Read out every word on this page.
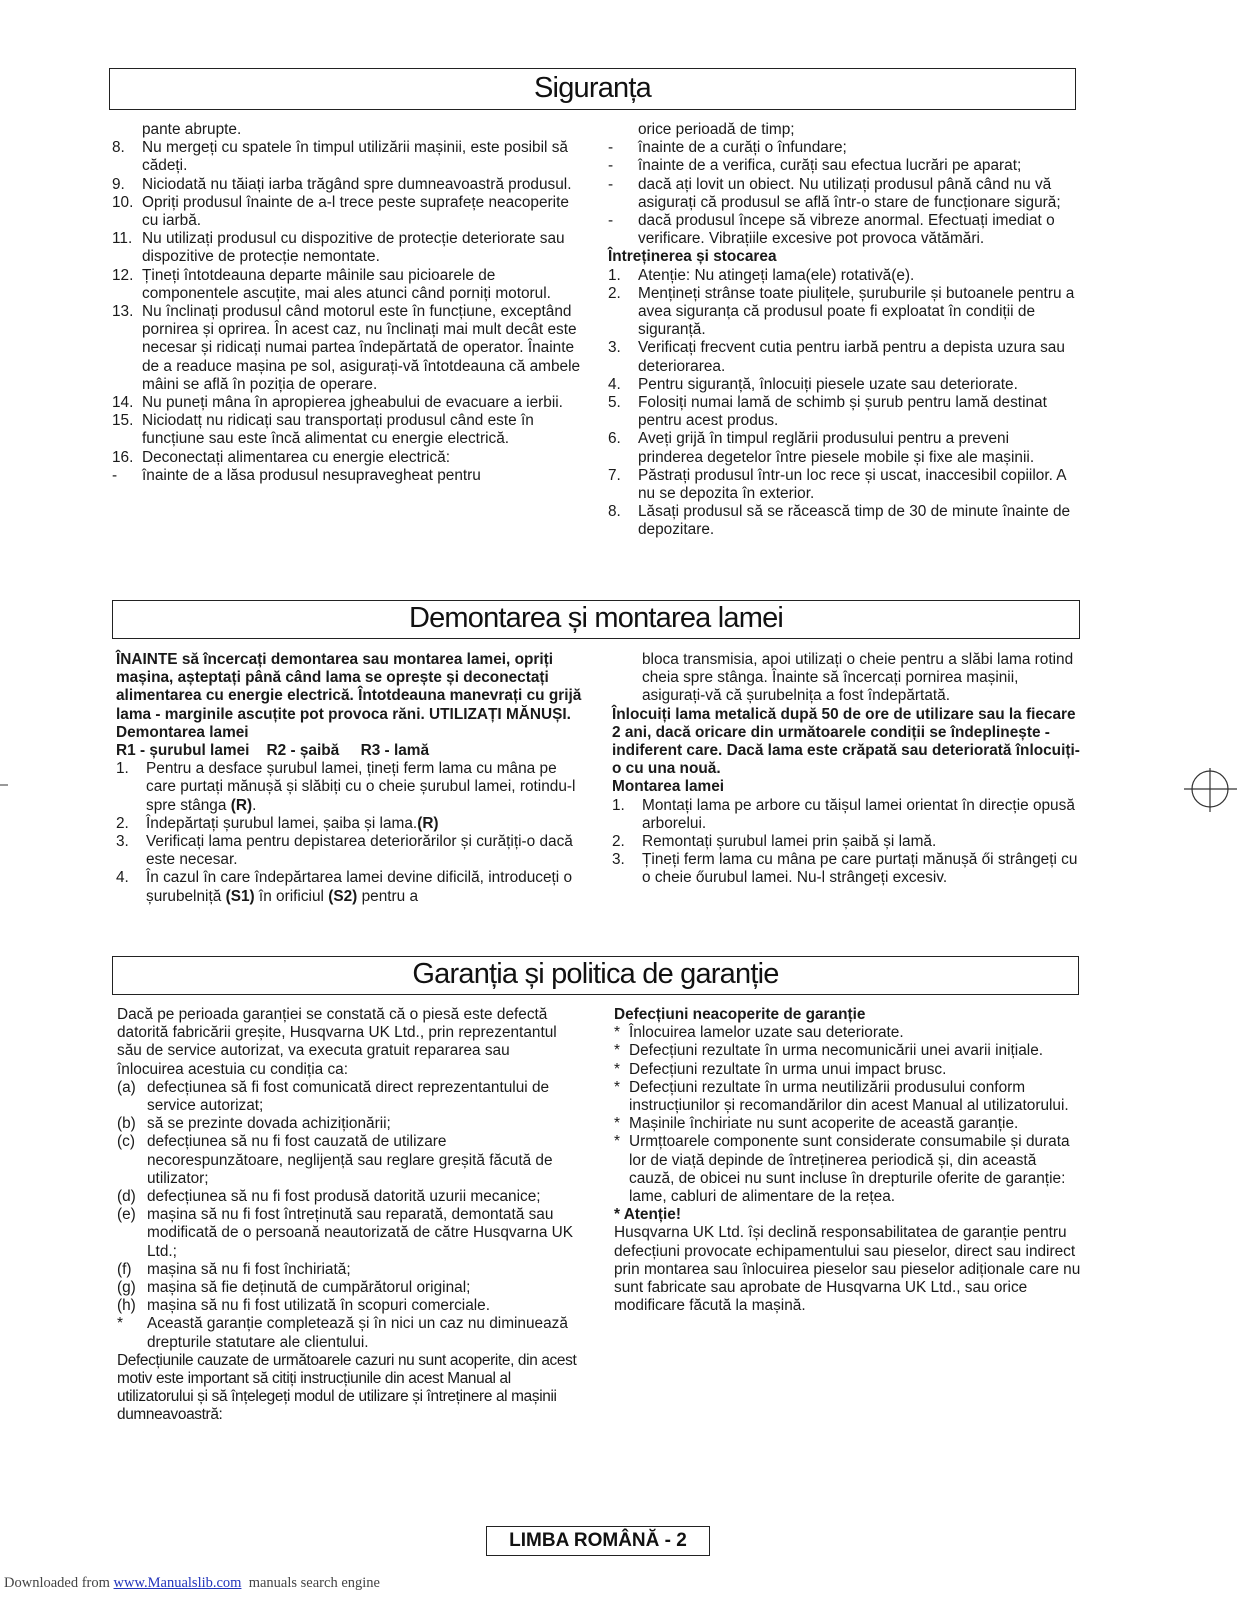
Siguranța

pante abrupte.

8. Nu mergeți cu spatele în timpul utilizării mașinii, este posibil să cădeți.
9. Niciodată nu tăiați iarba trăgând spre dumneavoastră produsul.
10. Opriți produsul înainte de a-l trece peste suprafețe neacoperite cu iarbă.
11. Nu utilizați produsul cu dispozitive de protecție deteriorate sau dispozitive de protecție nemontate.
12. Țineți întotdeauna departe mâinile sau picioarele de componentele ascuțite, mai ales atunci când porniți motorul.
13. Nu înclinați produsul când motorul este în funcțiune, exceptând pornirea și oprirea. În acest caz, nu înclinați mai mult decât este necesar și ridicați numai partea îndepărtată de operator. Înainte de a readuce mașina pe sol, asigurați-vă întotdeauna că ambele mâini se află în poziția de operare.
14. Nu puneți mâna în apropierea jgheabului de evacuare a ierbii.
15. Niciodatț nu ridicați sau transportați produsul când este în funcțiune sau este încă alimentat cu energie electrică.
16. Deconectați alimentarea cu energie electrică:
- înainte de a lăsa produsul nesupravegheat pentru

orice perioadă de timp;

- înainte de a curăți o înfundare;
- înainte de a verifica, curăți sau efectua lucrări pe aparat;
- dacă ați lovit un obiect. Nu utilizați produsul până când nu vă asigurați că produsul se află într-o stare de funcționare sigură;
- dacă produsul începe să vibreze anormal. Efectuați imediat o verificare. Vibrațiile excesive pot provoca vătămări.

Întreținerea și stocarea

1. Atenție: Nu atingeți lama(ele) rotativă(e).
2. Mențineți strânse toate piulițele, șuruburile și butoanele pentru a avea siguranța că produsul poate fi exploatat în condiții de siguranță.
3. Verificați frecvent cutia pentru iarbă pentru a depista uzura sau deteriorarea.
4. Pentru siguranță, înlocuiți piesele uzate sau deteriorate.
5. Folosiți numai lamă de schimb și șurub pentru lamă destinat pentru acest produs.
6. Aveți grijă în timpul reglării produsului pentru a preveni prinderea degetelor între piesele mobile și fixe ale mașinii.
7. Păstrați produsul într-un loc rece și uscat, inaccesibil copiilor. A nu se depozita în exterior.
8. Lăsați produsul să se răcească timp de 30 de minute înainte de depozitare.
Demontarea și montarea lamei

ÎNAINTE să încercați demontarea sau montarea lamei, opriți mașina, așteptați până când lama se oprește și deconectați alimentarea cu energie electrică. Întotdeauna manevrați cu grijă lama - marginile ascuțite pot provoca răni. UTILIZAȚI MĂNUȘI.

Demontarea lamei

R1 - șurubul lamei    R2 - șaibă     R3 - lamă

1. Pentru a desface șurubul lamei, țineți ferm lama cu mâna pe care purtați mănușă și slăbiți cu o cheie șurubul lamei, rotindu-l spre stânga (R).
2. Îndepărtați șurubul lamei, șaiba și lama.(R)
3. Verificați lama pentru depistarea deteriorărilor și curățiți-o dacă este necesar.
4. În cazul în care îndepărtarea lamei devine dificilă, introduceți o șurubelniță (S1) în orificiul (S2) pentru a

bloca transmisia, apoi utilizați o cheie pentru a slăbi lama rotind cheia spre stânga. Înainte să încercați pornirea mașinii, asigurați-vă că șurubelnița a fost îndepărtată.

Înlocuiți lama metalică după 50 de ore de utilizare sau la fiecare 2 ani, dacă oricare din următoarele condiții se îndeplinește - indiferent care. Dacă lama este crăpată sau deteriorată înlocuiți-o cu una nouă.

Montarea lamei

1. Montați lama pe arbore cu tăișul lamei orientat în direcție opusă arborelui.
2. Remontați șurubul lamei prin șaibă și lamă.
3. Țineți ferm lama cu mâna pe care purtați mănușă ői strângeți cu o cheie őurubul lamei. Nu-l strângeți excesiv.
Garanția și politica de garanție

Dacă pe perioada garanției se constată că o piesă este defectă datorită fabricării greșite, Husqvarna UK Ltd., prin reprezentantul său de service autorizat, va executa gratuit repararea sau înlocuirea acestuia cu condiția ca:

(a) defecțiunea să fi fost comunicată direct reprezentantului de service autorizat;
(b) să se prezinte dovada achiziționării;
(c) defecțiunea să nu fi fost cauzată de utilizare necorespunzătoare, neglijență sau reglare greșită făcută de utilizator;
(d) defecțiunea să nu fi fost produsă datorită uzurii mecanice;
(e) mașina să nu fi fost întreținută sau reparată, demontată sau modificată de o persoană neautorizată de către Husqvarna UK Ltd.;
(f) mașina să nu fi fost închiriată;
(g) mașina să fie deținută de cumpărătorul original;
(h) mașina să nu fi fost utilizată în scopuri comerciale.
* Această garanție completează și în nici un caz nu diminuează drepturile statutare ale clientului.

Defecțiunile cauzate de următoarele cazuri nu sunt acoperite, din acest motiv este important să citiți instrucțiunile din acest Manual al utilizatorului și să înțelegeți modul de utilizare și întreținere al mașinii dumneavoastră:

Defecțiuni neacoperite de garanție

* Înlocuirea lamelor uzate sau deteriorate.
* Defecțiuni rezultate în urma necomunicării unei avarii inițiale.
* Defecțiuni rezultate în urma unui impact brusc.
* Defecțiuni rezultate în urma neutilizării produsului conform instrucțiunilor și recomandărilor din acest Manual al utilizatorului.
* Mașinile închiriate nu sunt acoperite de această garanție.
* Urmțtoarele componente sunt considerate consumabile și durata lor de viață depinde de întreținerea periodică și, din această cauză, de obicei nu sunt incluse în drepturile oferite de garanție: lame, cabluri de alimentare de la rețea.

* Atenție!

Husqvarna UK Ltd. își declină responsabilitatea de garanție pentru defecțiuni provocate echipamentului sau pieselor, direct sau indirect prin montarea sau înlocuirea pieselor sau pieselor adiționale care nu sunt fabricate sau aprobate de Husqvarna UK Ltd., sau orice modificare făcută la mașină.

LIMBA ROMÂNĂ - 2
Downloaded from www.Manualslib.com  manuals search engine
